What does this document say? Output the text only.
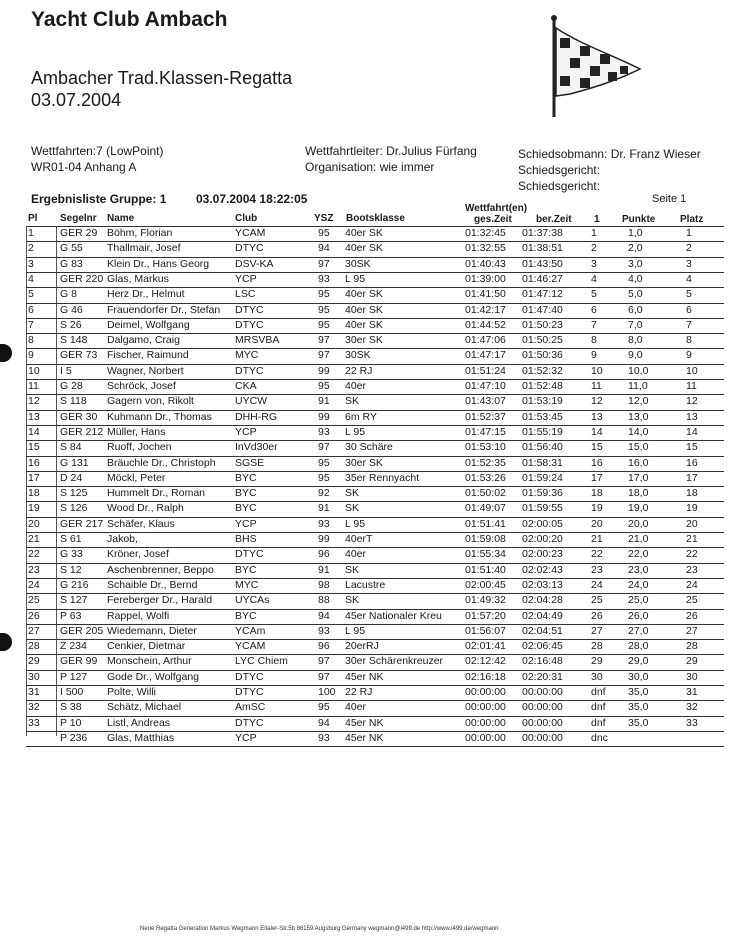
Yacht Club Ambach
Ambacher Trad.Klassen-Regatta
03.07.2004
Wettfahrten:7 (LowPoint)
WR01-04 Anhang A
Wettfahrtleiter: Dr.Julius Fürfang
Organisation: wie immer
Schiedsobmann: Dr. Franz Wieser
Schiedsgericht:
Schiedsgericht:
Ergebnisliste Gruppe: 1 03.07.2004 18:22:05	Seite 1
Pl Segelnr Name	Club	YSZ Bootsklasse
Wettfahrt(en)
ges.Zeit ber.Zeit 1 Punkte Platz
1 GER 29 Böhm, Florian	YCAM	95 40er SK	01:32:45 01:37:38	1	1,0	1
2 G 55 Thallmair, Josef	DTYC	94 40er SK	01:32:55 01:38:51	2	2,0	2
3 G 83 Klein Dr., Hans Georg DSV-KA	97 30SK	01:40:43 01:43:50	3	3,0	3
4 GER 220 Glas, Markus	YCP	93 L 95	01:39:00 01:46:27	4	4,0	4
5 G 8	Herz Dr., Helmut	LSC	95 40er SK	01:41:50 01:47:12	5	5,0	5
6 G 46 Frauendorfer Dr., Stefan DTYC	95 40er SK	01:42:17 01:47:40	6	6,0	6
7 S 26 Deimel, Wolfgang	DTYC	95 40er SK	01:44:52 01:50:23	7	7,0	7
8 S 148 Dalgamo, Craig	MRSVBA	97 30er SK	01:47:06 01:50:25	8	8,0	8
9 GER 73 Fischer, Raimund	MYC	97 30SK	01:47:17 01:50:36	9	9,0	9
10 I 5	Wagner, Norbert	DTYC	99 22 RJ	01:51:24 01:52:32	10 10,0	10
11 G 28 Schröck, Josef	CKA	95 40er	01:47:10 01:52:48	11 11,0	11
12 S 118 Gagern von, Rikolt	UYCW	91 SK	01:43:07 01:53:19	12 12,0	12
13 GER 30 Kuhmann Dr., Thomas DHH-RG	99 6m RY	01:52:37 01:53:45	13 13,0	13
14 GER 212 Müller, Hans	YCP	93 L 95	01:47:15 01:55:19	14 14,0	14
15 S 84 Ruoff, Jochen	InVd30er	97 30 Schäre	01:53:10 01:56:40	15 15,0	15
16 G 131 Bräuchle Dr., Christoph SGSE	95 30er SK	01:52:35 01:58:31	16 16,0	16
17 D 24 Möckl, Peter	BYC	95 35er Rennyacht	01:53:26 01:59:24	17 17,0	17
18 S 125 Hummelt Dr., Roman	BYC	92 SK	01:50:02 01:59:36	18 18,0	18
19 S 126 Wood Dr., Ralph	BYC	91 SK	01:49:07 01:59:55	19 19,0	19
20 GER 217 Schäfer, Klaus	YCP	93 L 95	01:51:41 02:00:05	20 20,0	20
21 S 61 Jakob,	BHS	99 40erT	01:59:08 02:00:20	21 21,0	21
22 G 33 Kröner, Josef	DTYC	96 40er	01:55:34 02:00:23	22 22,0	22
23 S 12 Aschenbrenner, Beppo BYC	91 SK	01:51:40 02:02:43	23 23,0	23
24 G 216 Schaible Dr., Bernd	MYC	98 Lacustre	02:00:45 02:03:13	24 24,0	24
25 S 127 Fereberger Dr., Harald UYCAs	88 SK	01:49:32 02:04:28	25 25,0	25
26 P 63 Rappel, Wolfi	BYC	94 45er Nationaler Kreu 01:57:20 02:04:49	26 26,0	26
27 GER 205 Wiedemann, Dieter	YCAm	93 L 95	01:56:07 02:04:51	27 27,0	27
28 Z 234 Cenkier, Dietmar	YCAM	96 20erRJ	02:01:41 02:06:45	28 28,0	28
29 GER 99 Monschein, Arthur	LYC Chiem	97 30er Schärenkreuzer 02:12:42 02:16:48	29 29,0	29
30 P 127 Gode Dr., Wolfgang	DTYC	97 45er NK	02:16:18 02:20:31	30 30,0	30
31 I 500 Polte, Willi	DTYC	100 22 RJ	00:00:00 00:00:00	dnf 35,0	31
32 S 38 Schätz, Michael	AmSC	95 40er	00:00:00 00:00:00	dnf 35,0	32
33 P 10 Listl, Andreas	DTYC	94 45er NK	00:00:00 00:00:00	dnf 35,0	33
P 236 Glas, Matthias	YCP	93 45er NK	00:00:00 00:00:00	dnc
Neue Regatta Generation Markus Wegmann Eitaler-Str.5b 86159 Augsburg Germany wegmann@i499.de http://www.i499.de/wegmann
